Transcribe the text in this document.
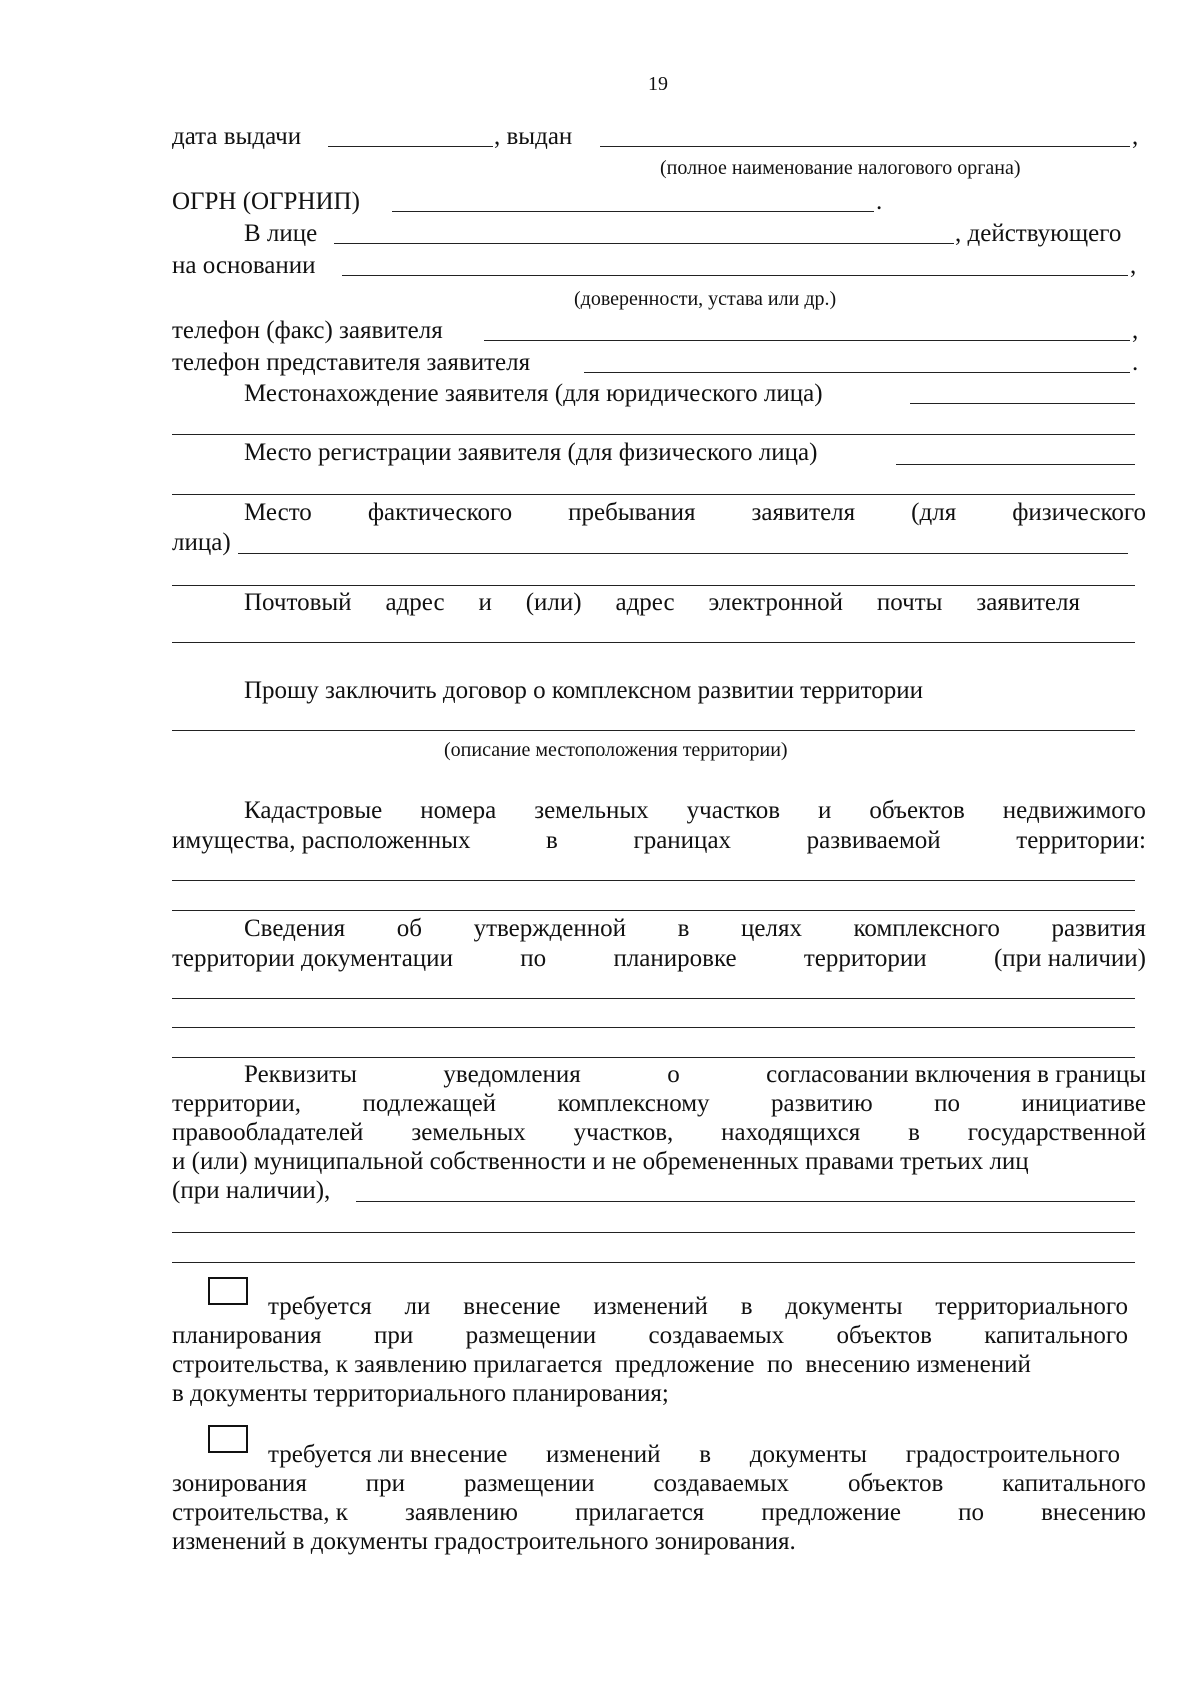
19
дата выдачи	, выдан	,
(полное наименование налогового органа)
ОГРН (ОГРНИП)	.
В лице	, действующего
на основании	,
(доверенности, устава или др.)
телефон (факс) заявителя	,
телефон представителя заявителя	.
Местонахождение заявителя (для юридического лица)
Место регистрации заявителя (для физического лица)
Место фактического пребывания заявителя (для физического
лица)
Почтовый адрес и (или) адрес электронной почты заявителя
Прошу заключить договор о комплексном развитии территории
(описание местоположения территории)
Кадастровые номера земельных участков и объектов недвижимого
имущества, расположенных	в	границах	развиваемой	территории:
Сведения об утвержденной в целях комплексного развития
территории документации	по	планировке	территории	(при наличии)
Реквизиты	уведомления	о	согласовании включения в границы
территории, подлежащей комплексному развитию по инициативе
правообладателей земельных участков, находящихся в государственной
и (или) муниципальной собственности и не обремененных правами третьих лиц
(при наличии),
требуется ли внесение изменений в документы территориального
планирования при размещении создаваемых объектов капитального
строительства, к заявлению прилагается  предложение  по  внесению изменений
в документы территориального планирования;
требуется ли внесение изменений в документы градостроительного
зонирования при размещении создаваемых объектов капитального
строительства, к заявлению прилагается предложение по внесению
изменений в документы градостроительного зонирования.
